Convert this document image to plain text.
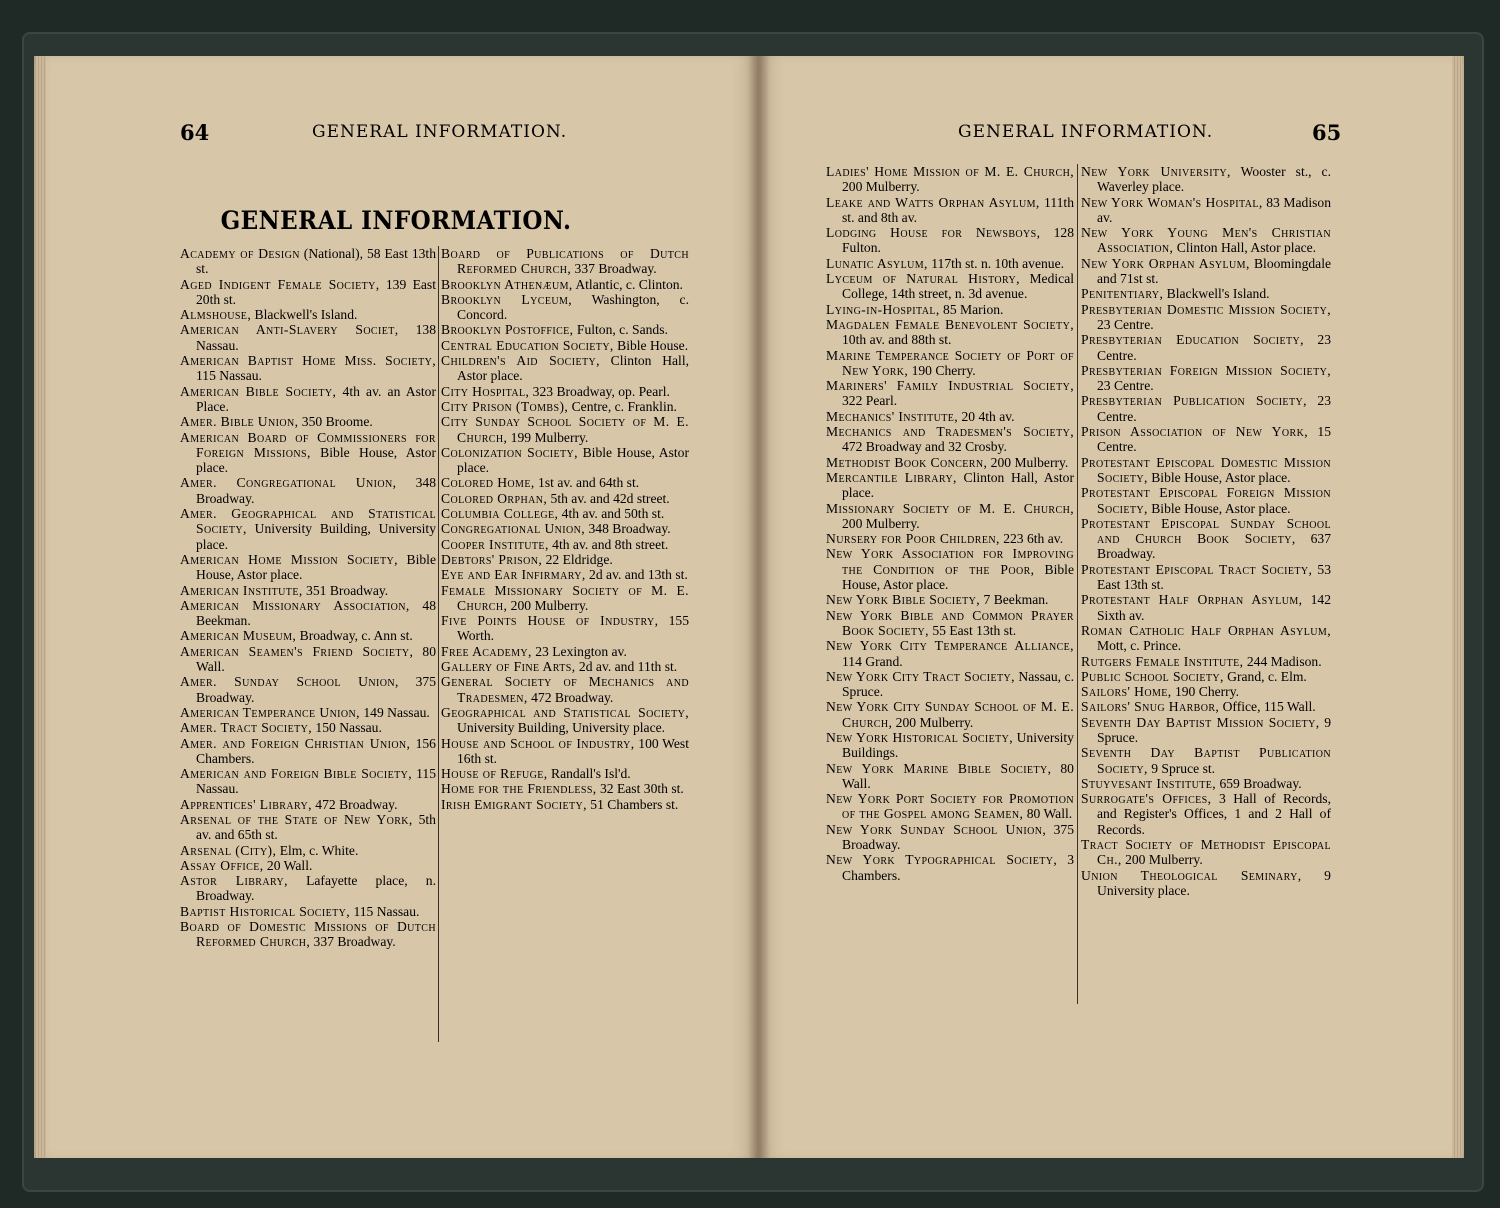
64	GENERAL INFORMATION.	GENERAL INFORMATION.	65
GENERAL INFORMATION.

Academy of Design (National), 58 East 13th st.

Aged Indigent Female Society, 139 East 20th st.

Almshouse, Blackwell's Island.

American Anti-Slavery Societ, 138 Nassau.

American Baptist Home Miss. Society, 115 Nassau.

American Bible Society, 4th av. an Astor Place.

Amer. Bible Union, 350 Broome.

American Board of Commissioners for Foreign Missions, Bible House, Astor place.

Amer. Congregational Union, 348 Broadway.

Amer. Geographical and Statistical Society, University Building, University place.

American Home Mission Society, Bible House, Astor place.

American Institute, 351 Broadway.

American Missionary Association, 48 Beekman.

American Museum, Broadway, c. Ann st.

American Seamen's Friend Society, 80 Wall.

Amer. Sunday School Union, 375 Broadway.

American Temperance Union, 149 Nassau.

Amer. Tract Society, 150 Nassau.

Amer. and Foreign Christian Union, 156 Chambers.

American and Foreign Bible Society, 115 Nassau.

Apprentices' Library, 472 Broadway.

Arsenal of the State of New York, 5th av. and 65th st.

Arsenal (City), Elm, c. White.

Assay Office, 20 Wall.

Astor Library, Lafayette place, n. Broadway.

Baptist Historical Society, 115 Nassau.

Board of Domestic Missions of Dutch Reformed Church, 337 Broadway.

Board of Publications of Dutch Reformed Church, 337 Broadway.

Brooklyn Athenæum, Atlantic, c. Clinton.

Brooklyn Lyceum, Washington, c. Concord.

Brooklyn Postoffice, Fulton, c. Sands.

Central Education Society, Bible House.

Children's Aid Society, Clinton Hall, Astor place.

City Hospital, 323 Broadway, op. Pearl.

City Prison (Tombs), Centre, c. Franklin.

City Sunday School Society of M. E. Church, 199 Mulberry.

Colonization Society, Bible House, Astor place.

Colored Home, 1st av. and 64th st.

Colored Orphan, 5th av. and 42d street.

Columbia College, 4th av. and 50th st.

Congregational Union, 348 Broadway.

Cooper Institute, 4th av. and 8th street.

Debtors' Prison, 22 Eldridge.

Eye and Ear Infirmary, 2d av. and 13th st.

Female Missionary Society of M. E. Church, 200 Mulberry.

Five Points House of Industry, 155 Worth.

Free Academy, 23 Lexington av.

Gallery of Fine Arts, 2d av. and 11th st.

General Society of Mechanics and Tradesmen, 472 Broadway.

Geographical and Statistical Society, University Building, University place.

House and School of Industry, 100 West 16th st.

House of Refuge, Randall's Isl'd.

Home for the Friendless, 32 East 30th st.

Irish Emigrant Society, 51 Chambers st.

Ladies' Home Mission of M. E. Church, 200 Mulberry.

Leake and Watts Orphan Asylum, 111th st. and 8th av.

Lodging House for Newsboys, 128 Fulton.

Lunatic Asylum, 117th st. n. 10th avenue.

Lyceum of Natural History, Medical College, 14th street, n. 3d avenue.

Lying-in-Hospital, 85 Marion.

Magdalen Female Benevolent Society, 10th av. and 88th st.

Marine Temperance Society of Port of New York, 190 Cherry.

Mariners' Family Industrial Society, 322 Pearl.

Mechanics' Institute, 20 4th av.

Mechanics and Tradesmen's Society, 472 Broadway and 32 Crosby.

Methodist Book Concern, 200 Mulberry.

Mercantile Library, Clinton Hall, Astor place.

Missionary Society of M. E. Church, 200 Mulberry.

Nursery for Poor Children, 223 6th av.

New York Association for Improving the Condition of the Poor, Bible House, Astor place.

New York Bible Society, 7 Beekman.

New York Bible and Common Prayer Book Society, 55 East 13th st.

New York City Temperance Alliance, 114 Grand.

New York City Tract Society, Nassau, c. Spruce.

New York City Sunday School of M. E. Church, 200 Mulberry.

New York Historical Society, University Buildings.

New York Marine Bible Society, 80 Wall.

New York Port Society for Promotion of the Gospel among Seamen, 80 Wall.

New York Sunday School Union, 375 Broadway.

New York Typographical Society, 3 Chambers.

New York University, Wooster st., c. Waverley place.

New York Woman's Hospital, 83 Madison av.

New York Young Men's Christian Association, Clinton Hall, Astor place.

New York Orphan Asylum, Bloomingdale and 71st st.

Penitentiary, Blackwell's Island.

Presbyterian Domestic Mission Society, 23 Centre.

Presbyterian Education Society, 23 Centre.

Presbyterian Foreign Mission Society, 23 Centre.

Presbyterian Publication Society, 23 Centre.

Prison Association of New York, 15 Centre.

Protestant Episcopal Domestic Mission Society, Bible House, Astor place.

Protestant Episcopal Foreign Mission Society, Bible House, Astor place.

Protestant Episcopal Sunday School and Church Book Society, 637 Broadway.

Protestant Episcopal Tract Society, 53 East 13th st.

Protestant Half Orphan Asylum, 142 Sixth av.

Roman Catholic Half Orphan Asylum, Mott, c. Prince.

Rutgers Female Institute, 244 Madison.

Public School Society, Grand, c. Elm.

Sailors' Home, 190 Cherry.

Sailors' Snug Harbor, Office, 115 Wall.

Seventh Day Baptist Mission Society, 9 Spruce.

Seventh Day Baptist Publication Society, 9 Spruce st.

Stuyvesant Institute, 659 Broadway.

Surrogate's Offices, 3 Hall of Records, and Register's Offices, 1 and 2 Hall of Records.

Tract Society of Methodist Episcopal Ch., 200 Mulberry.

Union Theological Seminary, 9 University place.
